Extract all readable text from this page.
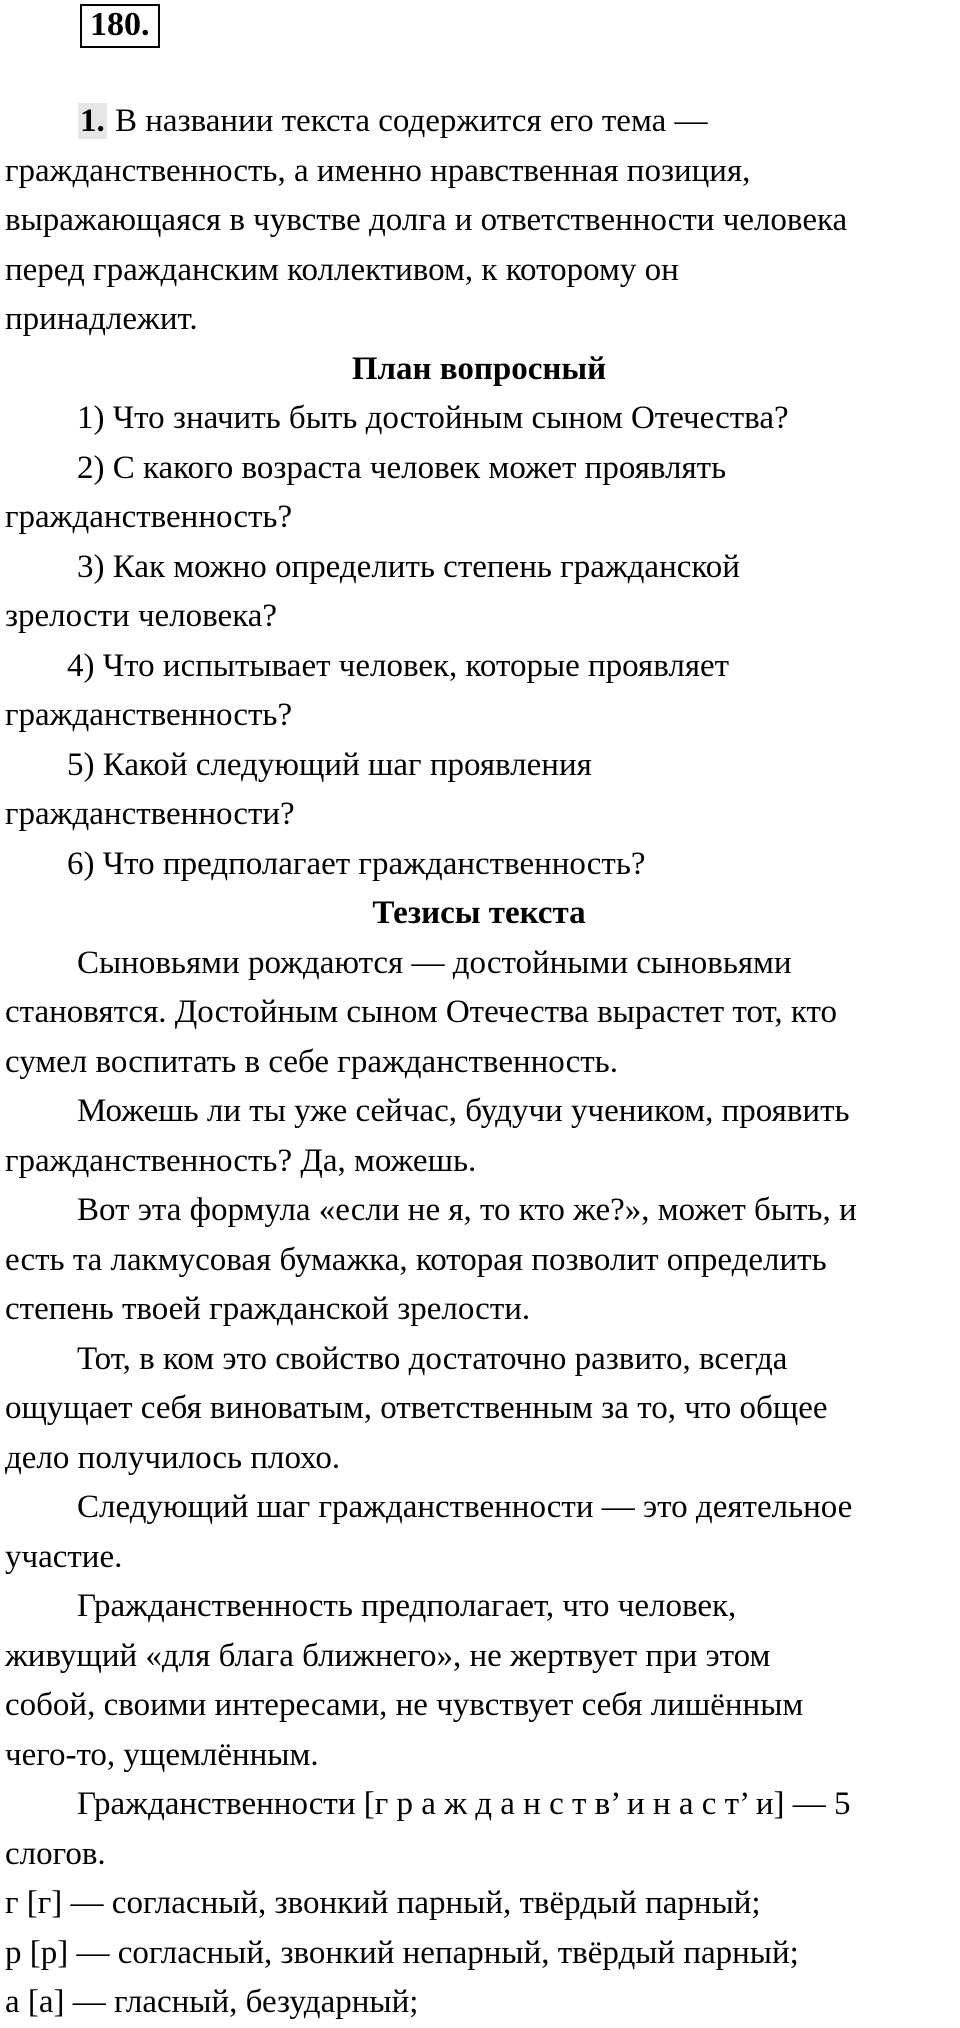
180.
1. В названии текста содержится его тема —
гражданственность, а именно нравственная позиция,
выражающаяся в чувстве долга и ответственности человека
перед гражданским коллективом, к которому он
принадлежит.
План вопросный
1) Что значить быть достойным сыном Отечества?
2) С какого возраста человек может проявлять
гражданственность?
3) Как можно определить степень гражданской
зрелости человека?
4) Что испытывает человек, которые проявляет
гражданственность?
5) Какой следующий шаг проявления
гражданственности?
6) Что предполагает гражданственность?
Тезисы текста
Сыновьями рождаются — достойными сыновьями
становятся. Достойным сыном Отечества вырастет тот, кто
сумел воспитать в себе гражданственность.
Можешь ли ты уже сейчас, будучи учеником, проявить
гражданственность? Да, можешь.
Вот эта формула «если не я, то кто же?», может быть, и
есть та лакмусовая бумажка, которая позволит определить
степень твоей гражданской зрелости.
Тот, в ком это свойство достаточно развито, всегда
ощущает себя виноватым, ответственным за то, что общее
дело получилось плохо.
Следующий шаг гражданственности — это деятельное
участие.
Гражданственность предполагает, что человек,
живущий «для блага ближнего», не жертвует при этом
собой, своими интересами, не чувствует себя лишённым
чего-то, ущемлённым.
Гражданственности [г р а ж д а н с т в’ и н а с т’ и] — 5
слогов.
г [г] — согласный, звонкий парный, твёрдый парный;
р [р] — согласный, звонкий непарный, твёрдый парный;
а [а] — гласный, безударный;
